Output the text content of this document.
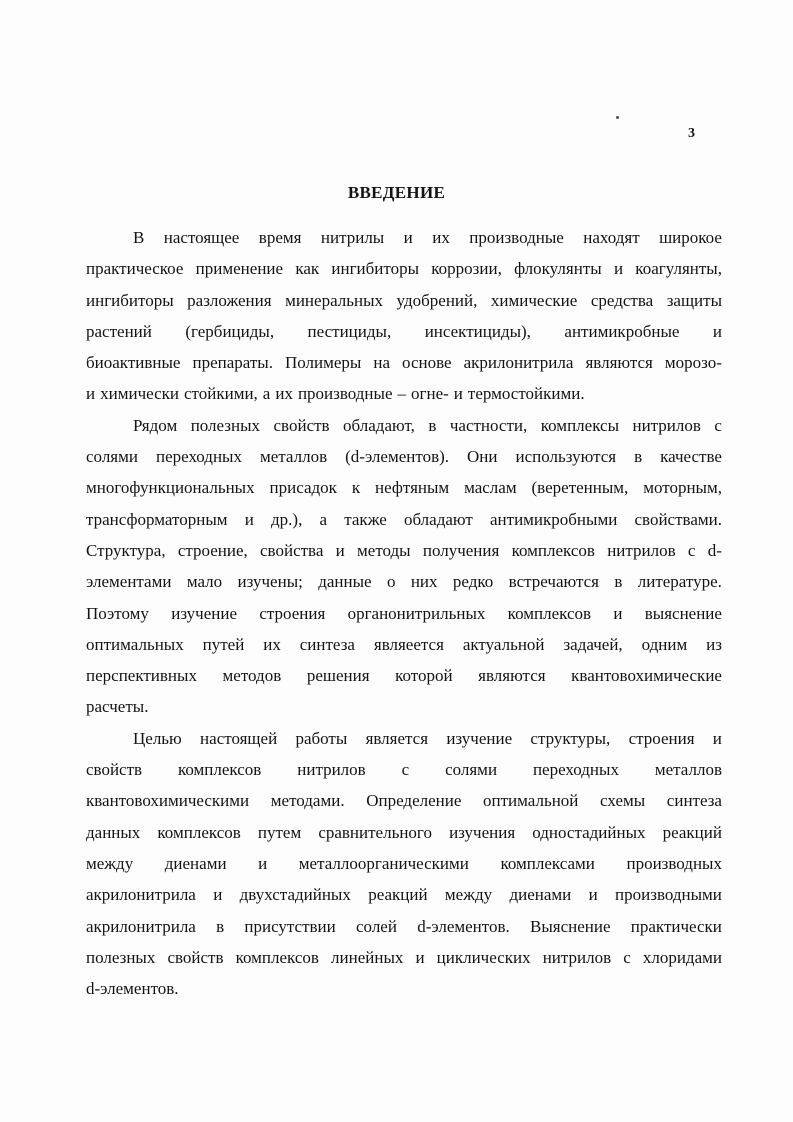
3
ВВЕДЕНИЕ
В настоящее время нитрилы и их производные находят широкое
практическое применение как ингибиторы коррозии, флокулянты и коагулянты,
ингибиторы разложения минеральных удобрений, химические средства защиты
растений (гербициды, пестициды, инсектициды), антимикробные и
биоактивные препараты. Полимеры на основе акрилонитрила являются морозо-
и химически стойкими, а их производные – огне- и термостойкими.
Рядом полезных свойств обладают, в частности, комплексы нитрилов с
солями переходных металлов (d-элементов). Они используются в качестве
многофункциональных присадок к нефтяным маслам (веретенным, моторным,
трансформаторным и др.), а также обладают антимикробными свойствами.
Структура, строение, свойства и методы получения комплексов нитрилов с d-
элементами мало изучены; данные о них редко встречаются в литературе.
Поэтому изучение строения органонитрильных комплексов и выяснение
оптимальных путей их синтеза являеется актуальной задачей, одним из
перспективных методов решения которой являются квантовохимические
расчеты.
Целью настоящей работы является изучение структуры, строения и
свойств комплексов нитрилов с солями переходных металлов
квантовохимическими методами. Определение оптимальной схемы синтеза
данных комплексов путем сравнительного изучения одностадийных реакций
между диенами и металлоорганическими комплексами производных
акрилонитрила и двухстадийных реакций между диенами и производными
акрилонитрила в присутствии солей d-элементов. Выяснение практически
полезных свойств комплексов линейных и циклических нитрилов с хлоридами
d-элементов.
